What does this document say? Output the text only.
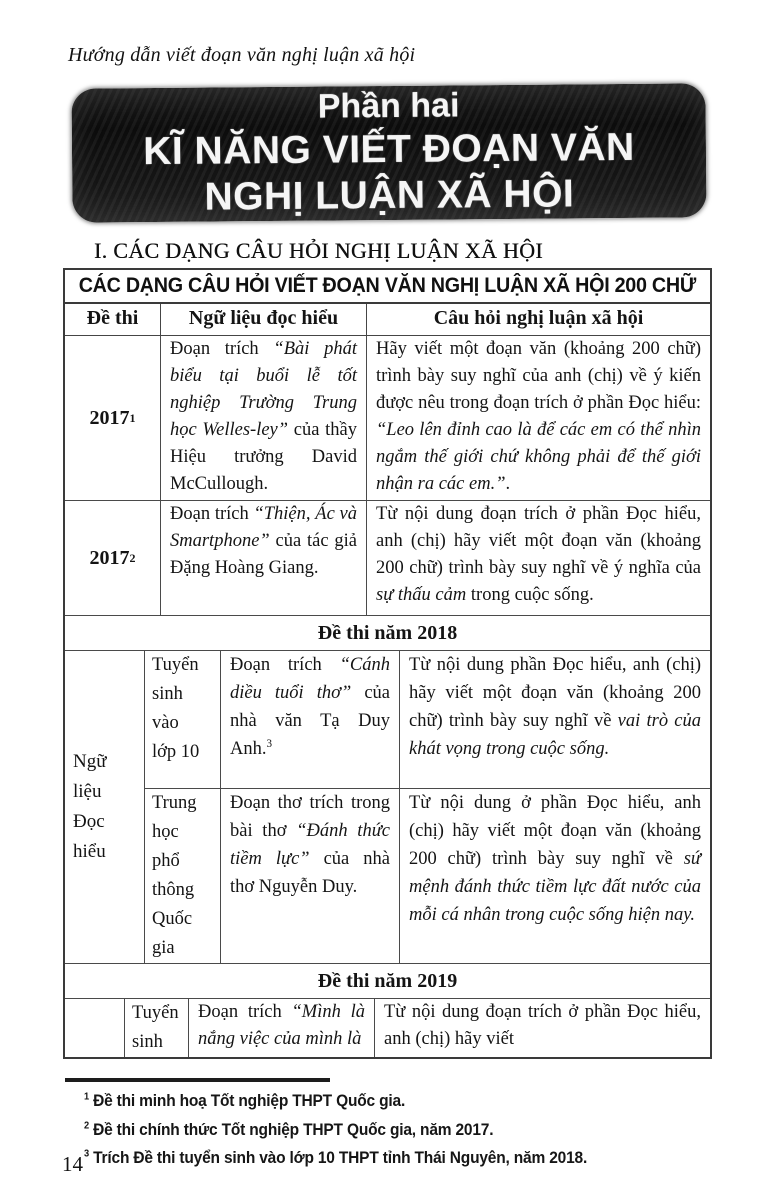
Hướng dẫn viết đoạn văn nghị luận xã hội
Phần hai
KĨ NĂNG VIẾT ĐOẠN VĂN
NGHỊ LUẬN XÃ HỘI
I. CÁC DẠNG CÂU HỎI NGHỊ LUẬN XÃ HỘI
CÁC DẠNG CÂU HỎI VIẾT ĐOẠN VĂN NGHỊ LUẬN XÃ HỘI 200 CHỮ
Đề thi	Ngữ liệu đọc hiểu	Câu hỏi nghị luận xã hội
2017 1
Đoạn trích “Bài phát biểu tại buổi lễ tốt nghiệp Trường Trung học Welles-ley” của thầy Hiệu trưởng David McCullough.
Hãy viết một đoạn văn (khoảng 200 chữ) trình bày suy nghĩ của anh (chị) về ý kiến được nêu trong đoạn trích ở phần Đọc hiểu: “Leo lên đỉnh cao là để các em có thể nhìn ngắm thế giới chứ không phải để thế giới nhận ra các em.”.
2017 2
Đoạn trích “Thiện, Ác và Smartphone” của tác giả Đặng Hoàng Giang.
Từ nội dung đoạn trích ở phần Đọc hiểu, anh (chị) hãy viết một đoạn văn (khoảng 200 chữ) trình bày suy nghĩ về ý nghĩa của sự thấu cảm trong cuộc sống.
Đề thi năm 2018
Ngữ liệu Đọc hiểu
Tuyển sinh vào lớp 10
Đoạn trích “Cánh diều tuổi thơ” của nhà văn Tạ Duy Anh.$^3$
Từ nội dung phần Đọc hiểu, anh (chị) hãy viết một đoạn văn (khoảng 200 chữ) trình bày suy nghĩ về vai trò của khát vọng trong cuộc sống.
Trung học phổ thông Quốc gia
Đoạn thơ trích trong bài thơ “Đánh thức tiềm lực” của nhà thơ Nguyễn Duy.
Từ nội dung ở phần Đọc hiểu, anh (chị) hãy viết một đoạn văn (khoảng 200 chữ) trình bày suy nghĩ về sứ mệnh đánh thức tiềm lực đất nước của mỗi cá nhân trong cuộc sống hiện nay.
Đề thi năm 2019
Tuyển sinh
Đoạn trích “Mình là nắng việc của mình là
Từ nội dung đoạn trích ở phần Đọc hiểu, anh (chị) hãy viết
$^1$ Đề thi minh hoạ Tốt nghiệp THPT Quốc gia.
$^2$ Đề thi chính thức Tốt nghiệp THPT Quốc gia, năm 2017.
$^3$ Trích Đề thi tuyển sinh vào lớp 10 THPT tỉnh Thái Nguyên, năm 2018.
14
